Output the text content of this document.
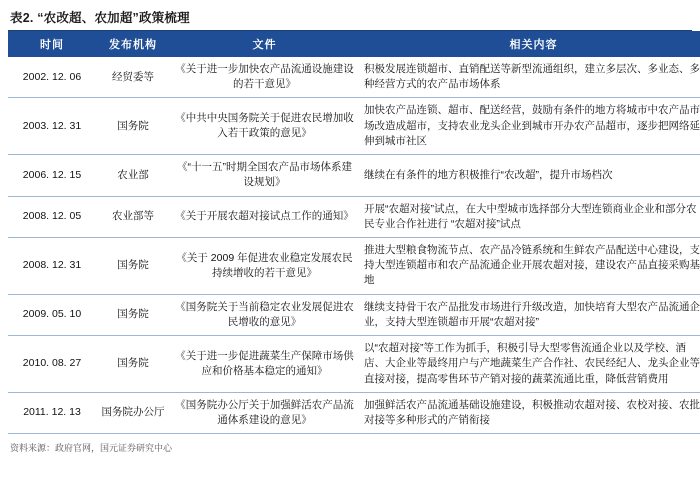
表2. “农改超、农加超”政策梳理
时间	发布机构	文件	相关内容
2002. 12. 06	经贸委等	《关于进一步加快农产品流通设施建设的若干意见》	积极发展连锁超市、直销配送等新型流通组织，建立多层次、多业态、多种经营方式的农产品市场体系
2003. 12. 31	国务院	《中共中央国务院关于促进农民增加收入若干政策的意见》	加快农产品连锁、超市、配送经营，鼓励有条件的地方将城市中农产品市场改造成超市，支持农业龙头企业到城市开办农产品超市，逐步把网络延伸到城市社区
2006. 12. 15	农业部	《“十一五”时期全国农产品市场体系建设规划》	继续在有条件的地方积极推行“农改超”，提升市场档次
2008. 12. 05	农业部等	《关于开展农超对接试点工作的通知》	开展“农超对接”试点，在大中型城市选择部分大型连锁商业企业和部分农民专业合作社进行 “农超对接”试点
2008. 12. 31	国务院	《关于 2009 年促进农业稳定发展农民持续增收的若干意见》	推进大型粮食物流节点、农产品冷链系统和生鲜农产品配送中心建设，支持大型连锁超市和农产品流通企业开展农超对接，建设农产品直接采购基地
2009. 05. 10	国务院	《国务院关于当前稳定农业发展促进农民增收的意见》	继续支持骨干农产品批发市场进行升级改造，加快培育大型农产品流通企业，支持大型连锁超市开展“农超对接”
2010. 08. 27	国务院	《关于进一步促进蔬菜生产保障市场供应和价格基本稳定的通知》	以“农超对接”等工作为抓手，积极引导大型零售流通企业以及学校、酒店、大企业等最终用户与产地蔬菜生产合作社、农民经纪人、龙头企业等直接对接，提高零售环节产销对接的蔬菜流通比重，降低营销费用
2011. 12. 13	国务院办公厅	《国务院办公厅关于加强鲜活农产品流通体系建设的意见》	加强鲜活农产品流通基础设施建设，积极推动农超对接、农校对接、农批对接等多种形式的产销衔接
资料来源：政府官网，国元证券研究中心
